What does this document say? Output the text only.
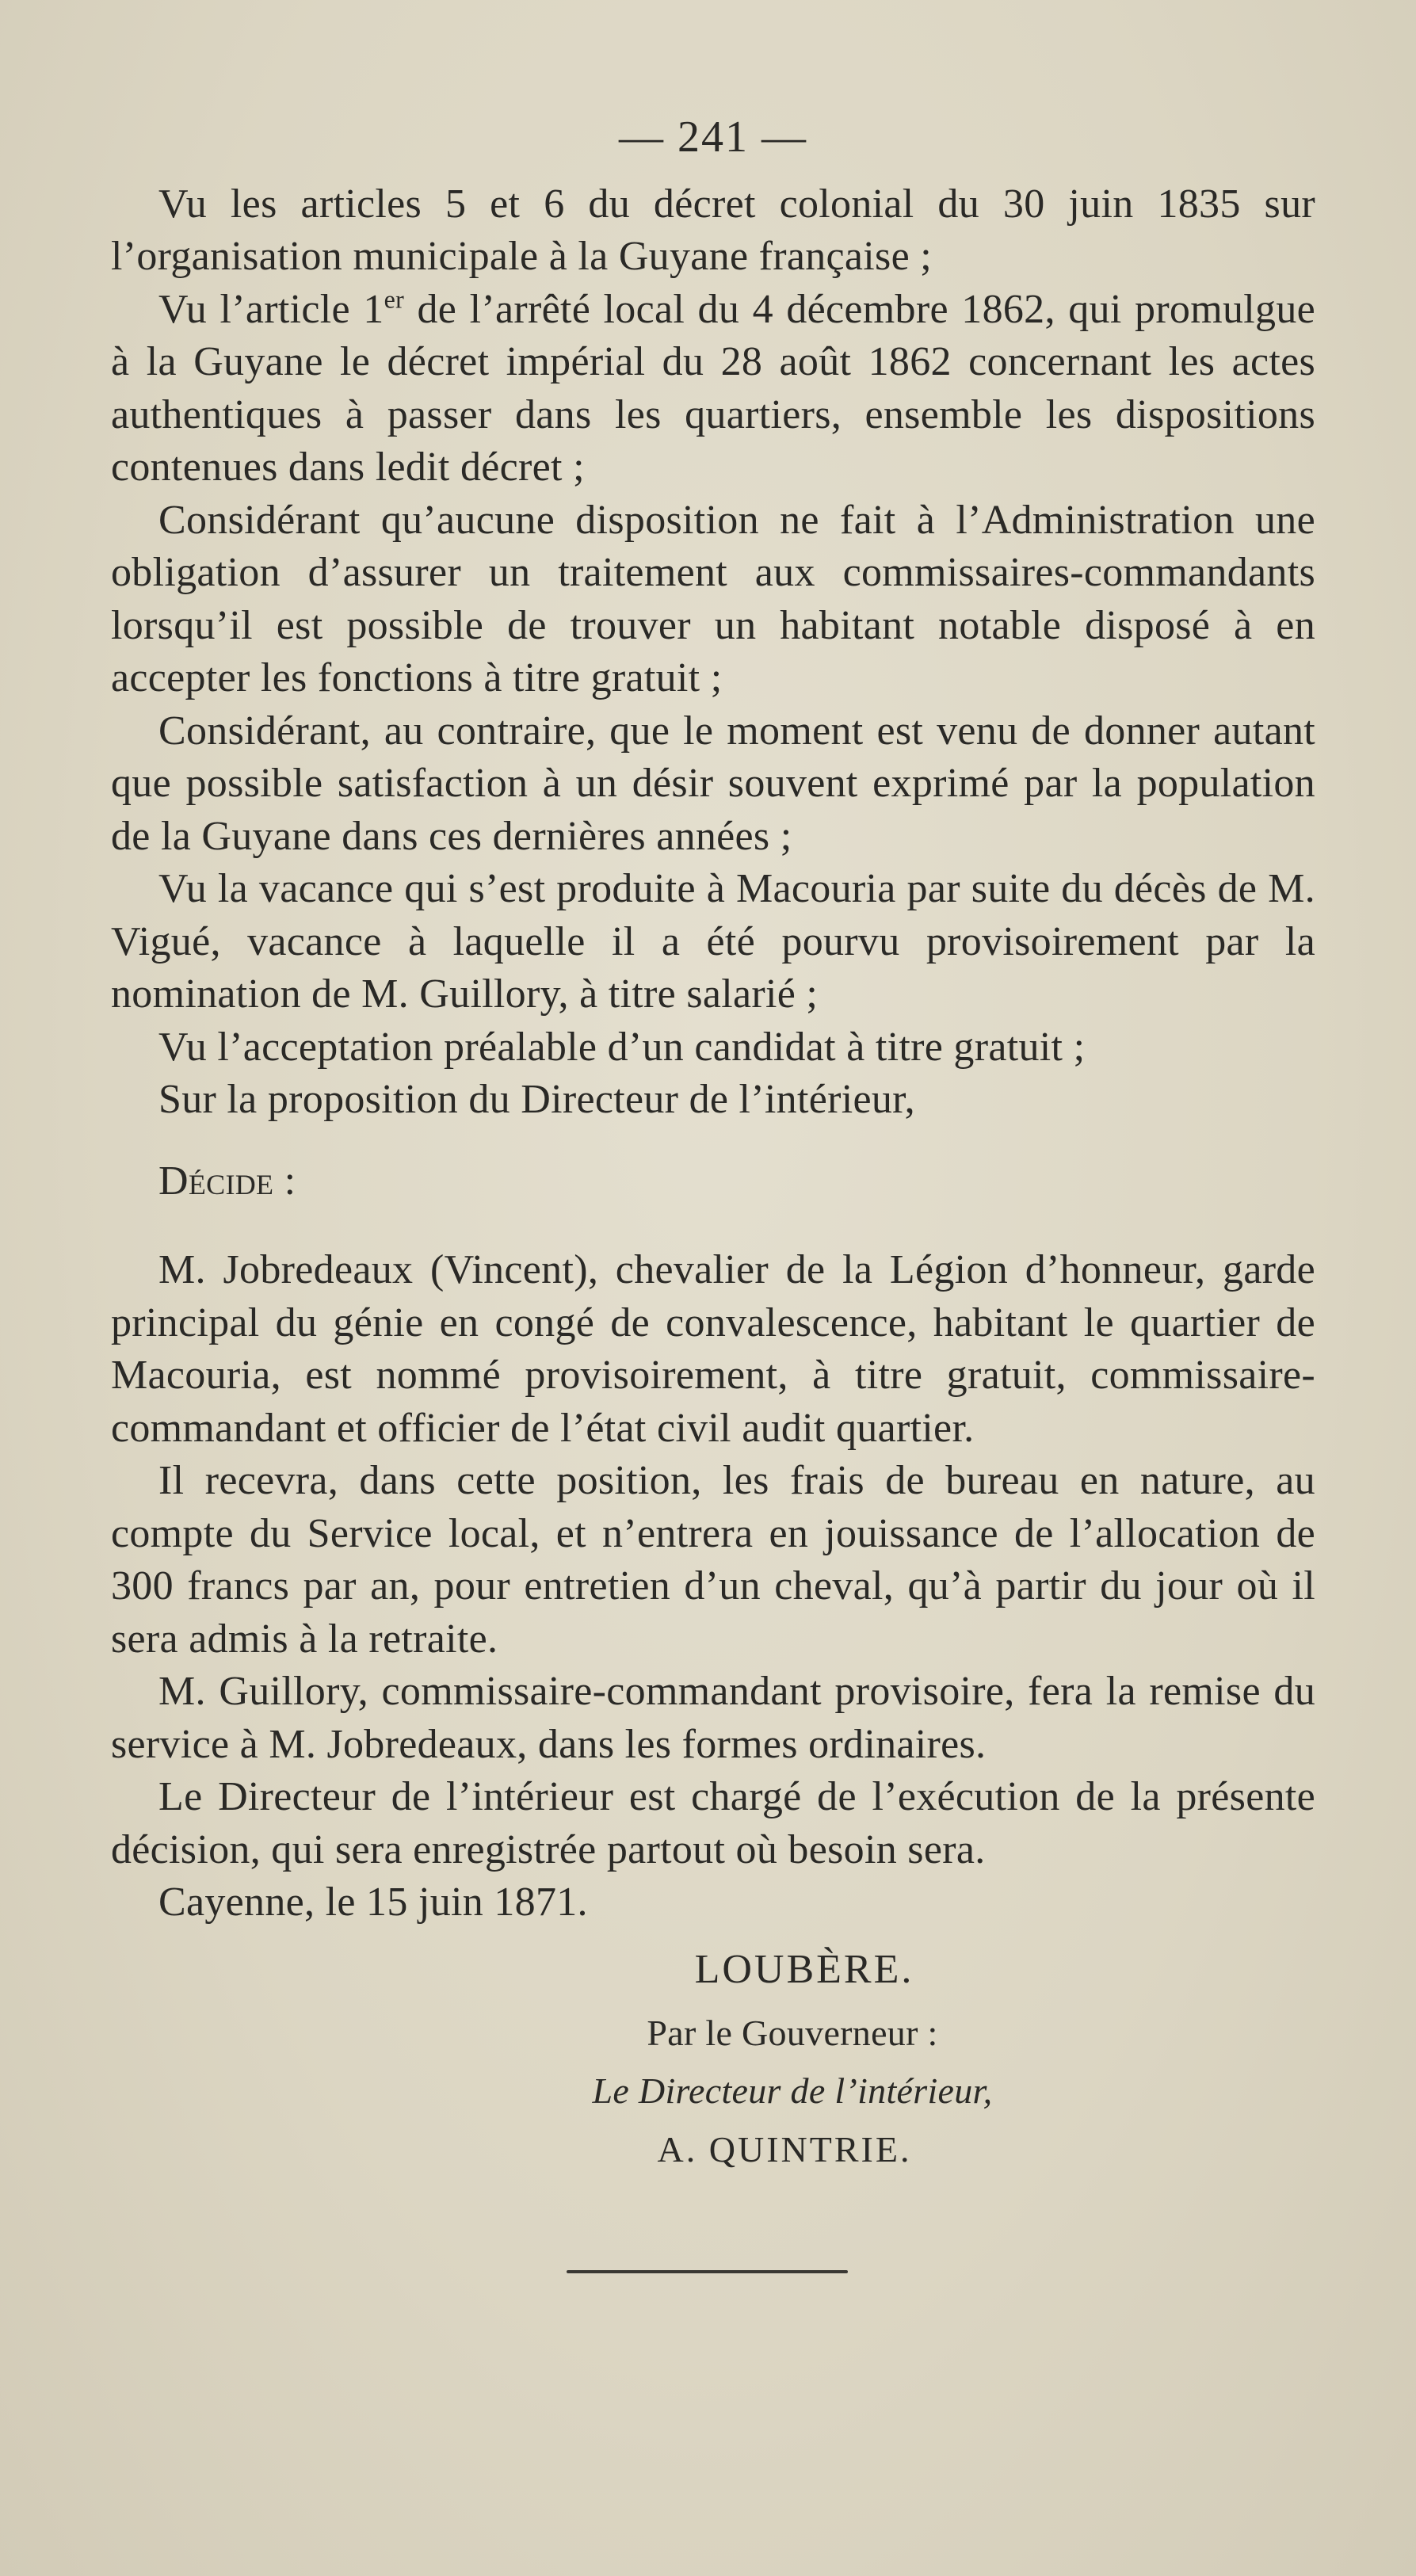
— 241 —

Vu les articles 5 et 6 du décret colonial du 30 juin 1835 sur l’organisation municipale à la Guyane française ;

Vu l’article 1er de l’arrêté local du 4 décembre 1862, qui promulgue à la Guyane le décret impérial du 28 août 1862 concernant les actes authentiques à passer dans les quartiers, ensemble les dispositions contenues dans ledit décret ;

Considérant qu’aucune disposition ne fait à l’Administration une obligation d’assurer un traitement aux commissaires-commandants lorsqu’il est possible de trouver un habitant notable disposé à en accepter les fonctions à titre gratuit ;

Considérant, au contraire, que le moment est venu de donner autant que possible satisfaction à un désir souvent exprimé par la population de la Guyane dans ces dernières années ;

Vu la vacance qui s’est produite à Macouria par suite du décès de M. Vigué, vacance à laquelle il a été pourvu provisoirement par la nomination de M. Guillory, à titre salarié ;

Vu l’acceptation préalable d’un candidat à titre gratuit ;

Sur la proposition du Directeur de l’intérieur,

Décide :

M. Jobredeaux (Vincent), chevalier de la Légion d’honneur, garde principal du génie en congé de convalescence, habitant le quartier de Macouria, est nommé provisoirement, à titre gratuit, commissaire-commandant et officier de l’état civil audit quartier.

Il recevra, dans cette position, les frais de bureau en nature, au compte du Service local, et n’entrera en jouissance de l’allocation de 300 francs par an, pour entretien d’un cheval, qu’à partir du jour où il sera admis à la retraite.

M. Guillory, commissaire-commandant provisoire, fera la remise du service à M. Jobredeaux, dans les formes ordinaires.

Le Directeur de l’intérieur est chargé de l’exécution de la présente décision, qui sera enregistrée partout où besoin sera.

Cayenne, le 15 juin 1871.

LOUBÈRE.
Par le Gouverneur :
Le Directeur de l’intérieur,
A. QUINTRIE.
